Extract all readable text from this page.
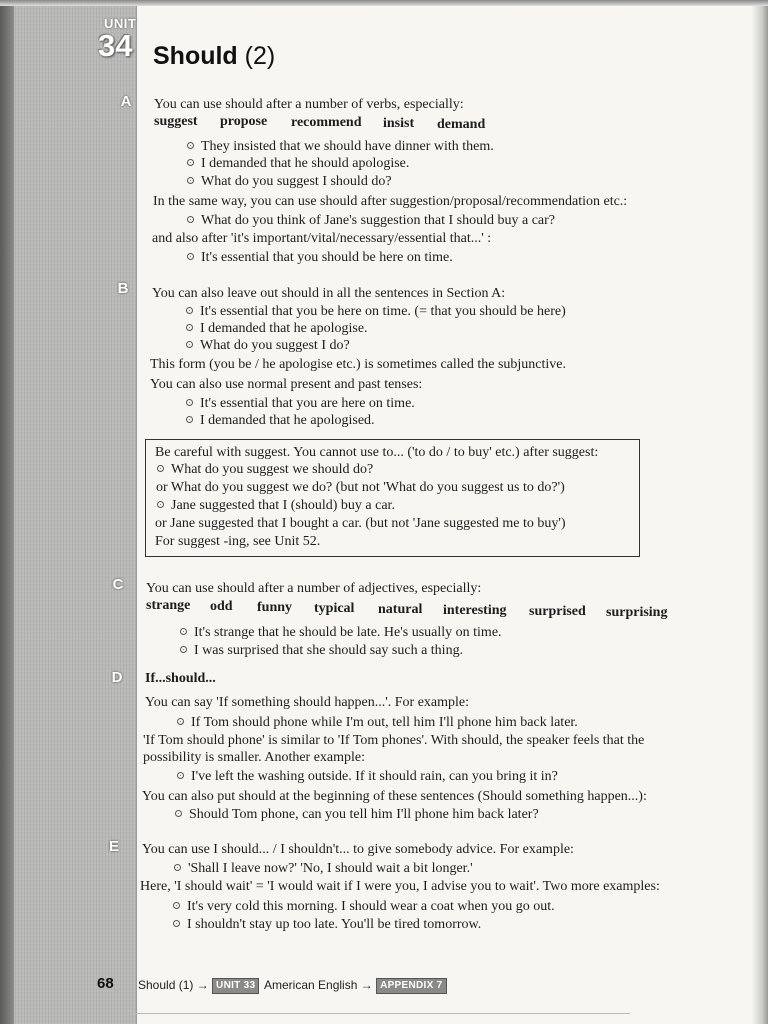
UNIT
34 Should (2)
A	You can use should after a number of verbs, especially:
suggest propose recommend insist demand
They insisted that we should have dinner with them.
I demanded that he should apologise.
What do you suggest I should do?
In the same way, you can use should after suggestion/proposal/recommendation etc.:
What do you think of Jane's suggestion that I should buy a car?
and also after 'it's important/vital/necessary/essential that...' :
It's essential that you should be here on time.
B	You can also leave out should in all the sentences in Section A:
It's essential that you be here on time. (= that you should be here)
I demanded that he apologise.
What do you suggest I do?
This form (you be / he apologise etc.) is sometimes called the subjunctive.
You can also use normal present and past tenses:
It's essential that you are here on time.
I demanded that he apologised.
Be careful with suggest. You cannot use to... ('to do / to buy' etc.) after suggest:
What do you suggest we should do?
or What do you suggest we do? (but not 'What do you suggest us to do?')
Jane suggested that I (should) buy a car.
or Jane suggested that I bought a car. (but not 'Jane suggested me to buy')
For suggest -ing, see Unit 52.
C	You can use should after a number of adjectives, especially:
strange odd funny typical natural interesting surprised surprising
It's strange that he should be late. He's usually on time.
I was surprised that she should say such a thing.
D	If...should...
You can say 'If something should happen...'. For example:
If Tom should phone while I'm out, tell him I'll phone him back later.
'If Tom should phone' is similar to 'If Tom phones'. With should, the speaker feels that the
possibility is smaller. Another example:
I've left the washing outside. If it should rain, can you bring it in?
You can also put should at the beginning of these sentences (Should something happen...):
Should Tom phone, can you tell him I'll phone him back later?
E	You can use I should... / I shouldn't... to give somebody advice. For example:
'Shall I leave now?' 'No, I should wait a bit longer.'
Here, 'I should wait' = 'I would wait if I were you, I advise you to wait'. Two more examples:
It's very cold this morning. I should wear a coat when you go out.
I shouldn't stay up too late. You'll be tired tomorrow.
68 Should (1) → UNIT 33 American English → APPENDIX 7
